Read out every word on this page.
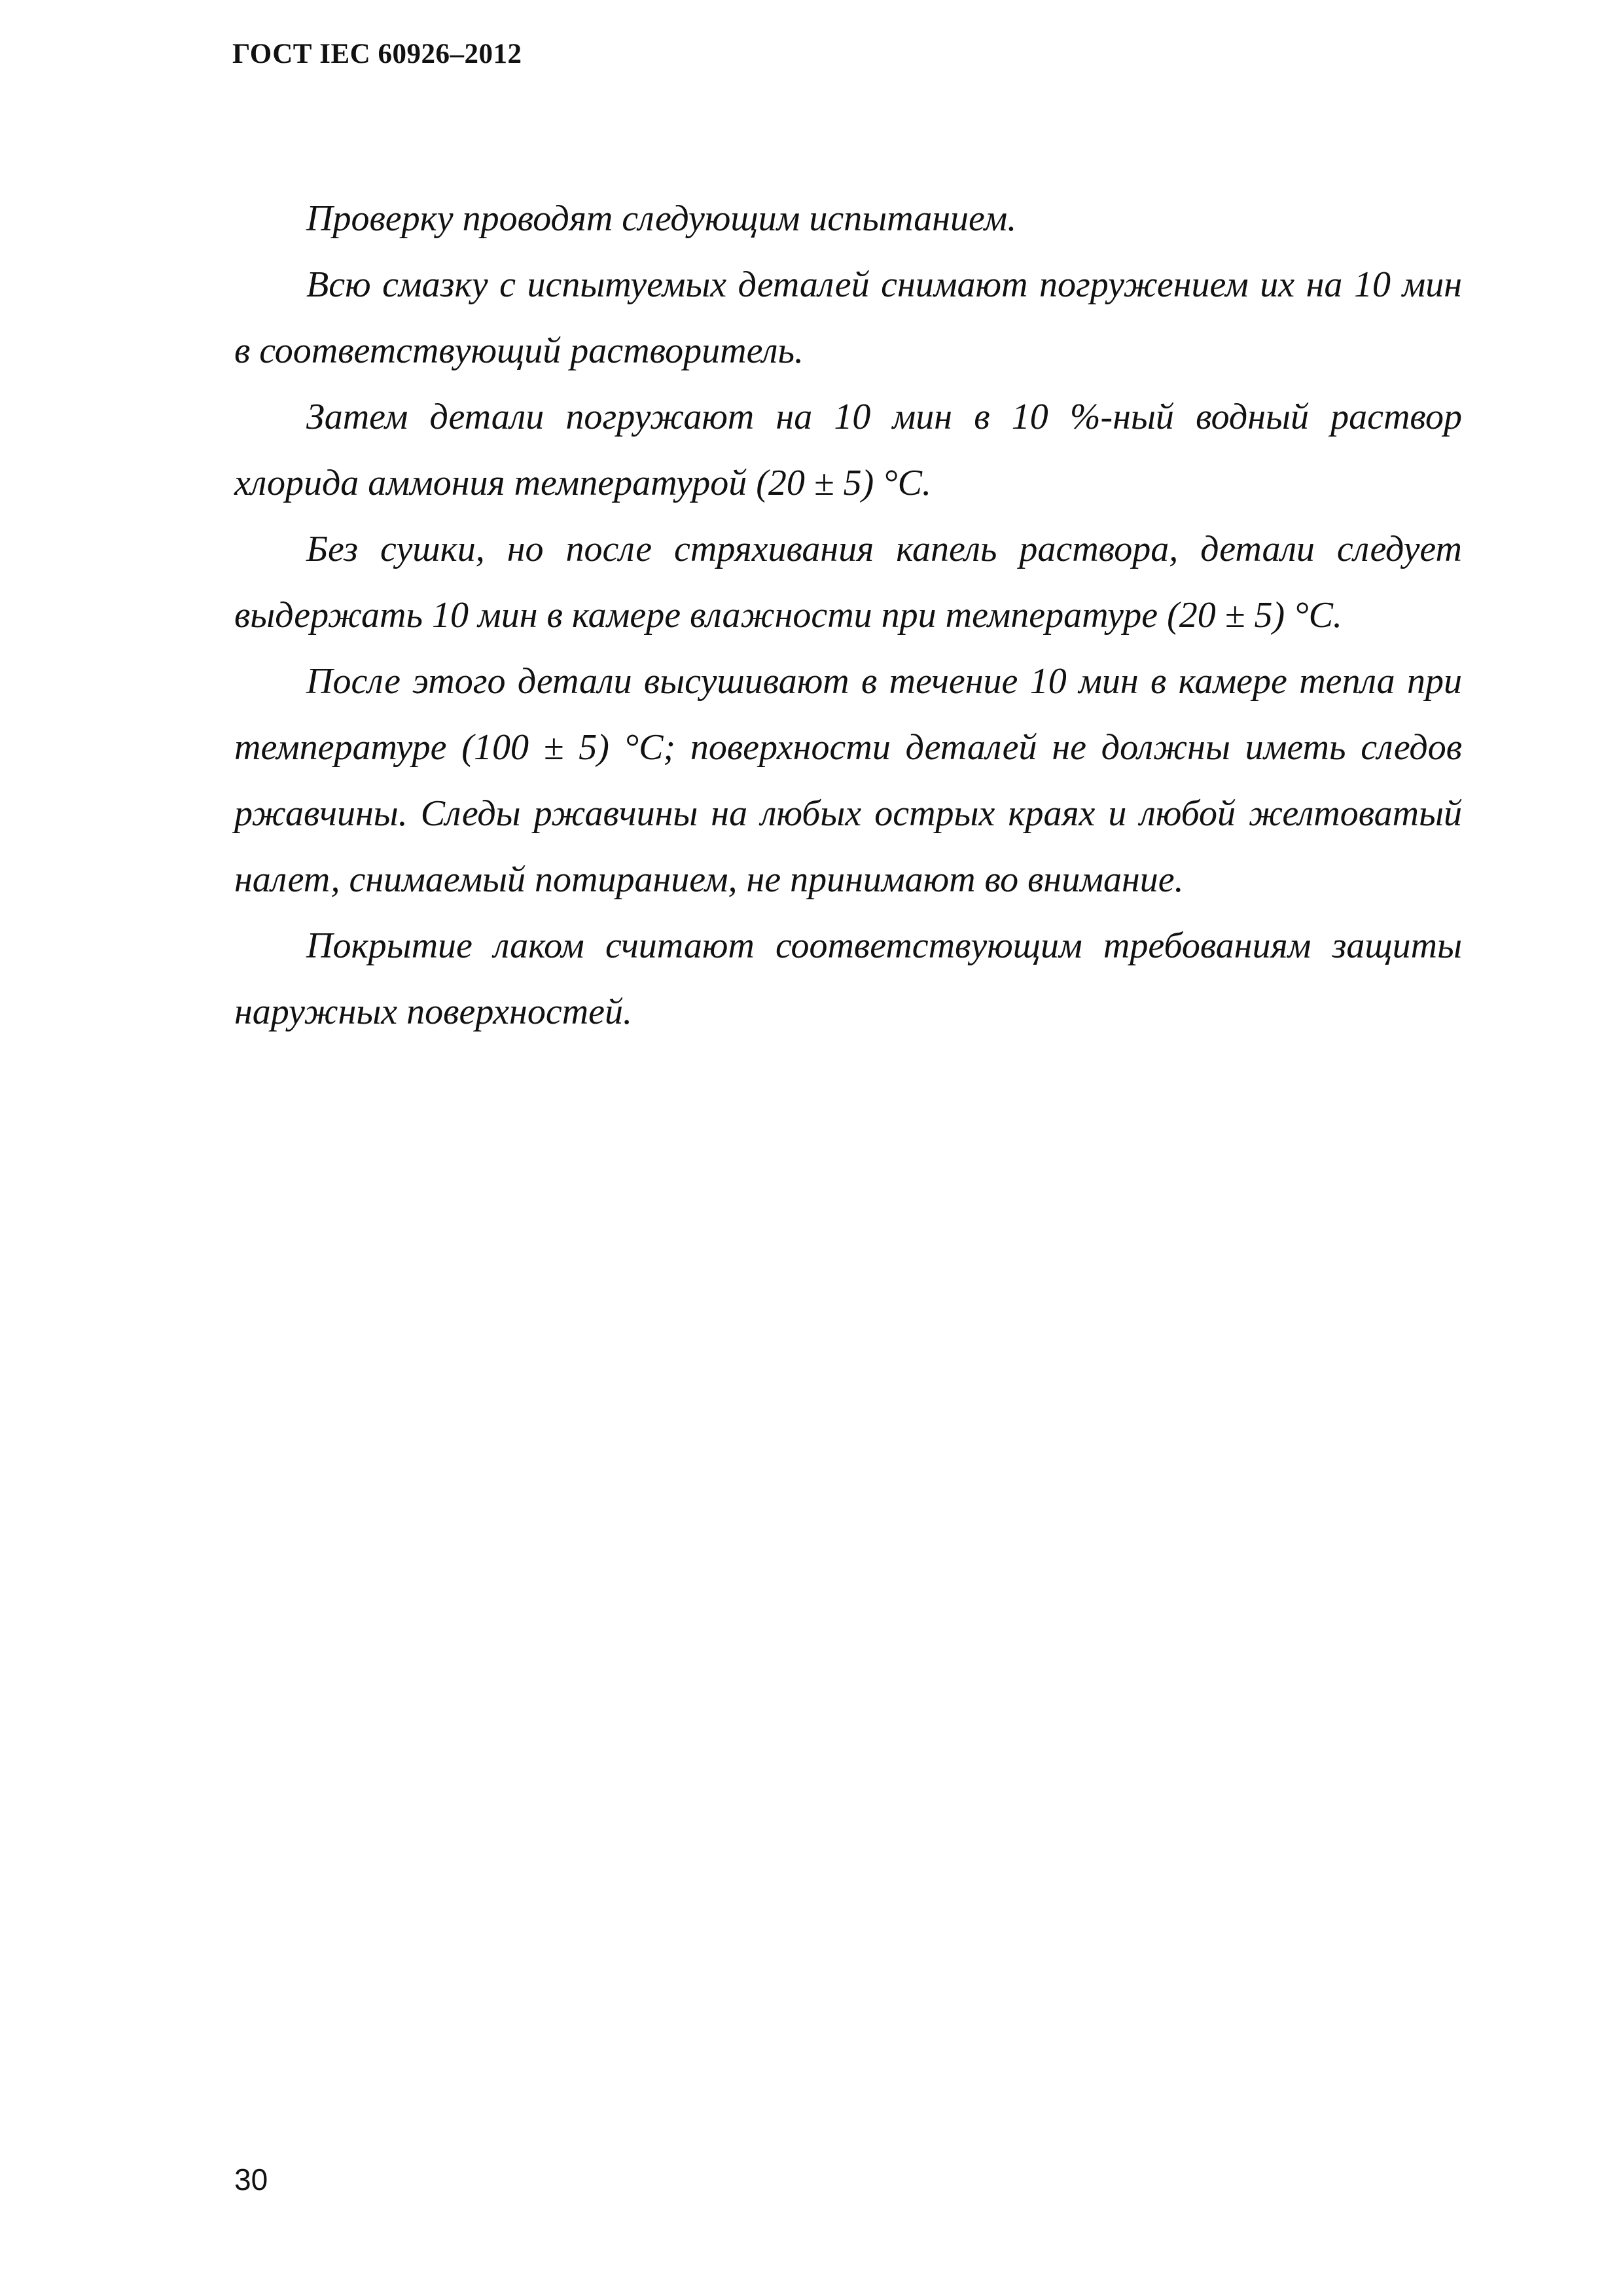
ГОСТ IEC 60926–2012

Проверку проводят следующим испытанием.

Всю смазку с испытуемых деталей снимают погружением их на 10 мин в соответствующий растворитель.

Затем детали погружают на 10 мин в 10 %-ный водный раствор хлорида аммония температурой (20 ± 5) °C.

Без сушки, но после стряхивания капель раствора, детали следует выдержать 10 мин в камере влажности при температуре (20 ± 5) °C.

После этого детали высушивают в течение 10 мин в камере тепла при температуре (100 ± 5) °C; поверхности деталей не должны иметь следов ржавчины. Следы ржавчины на любых острых краях и любой желтоватый налет, снимаемый потиранием, не принимают во внимание.

Покрытие лаком считают соответствующим требованиям защиты наружных поверхностей.

30
